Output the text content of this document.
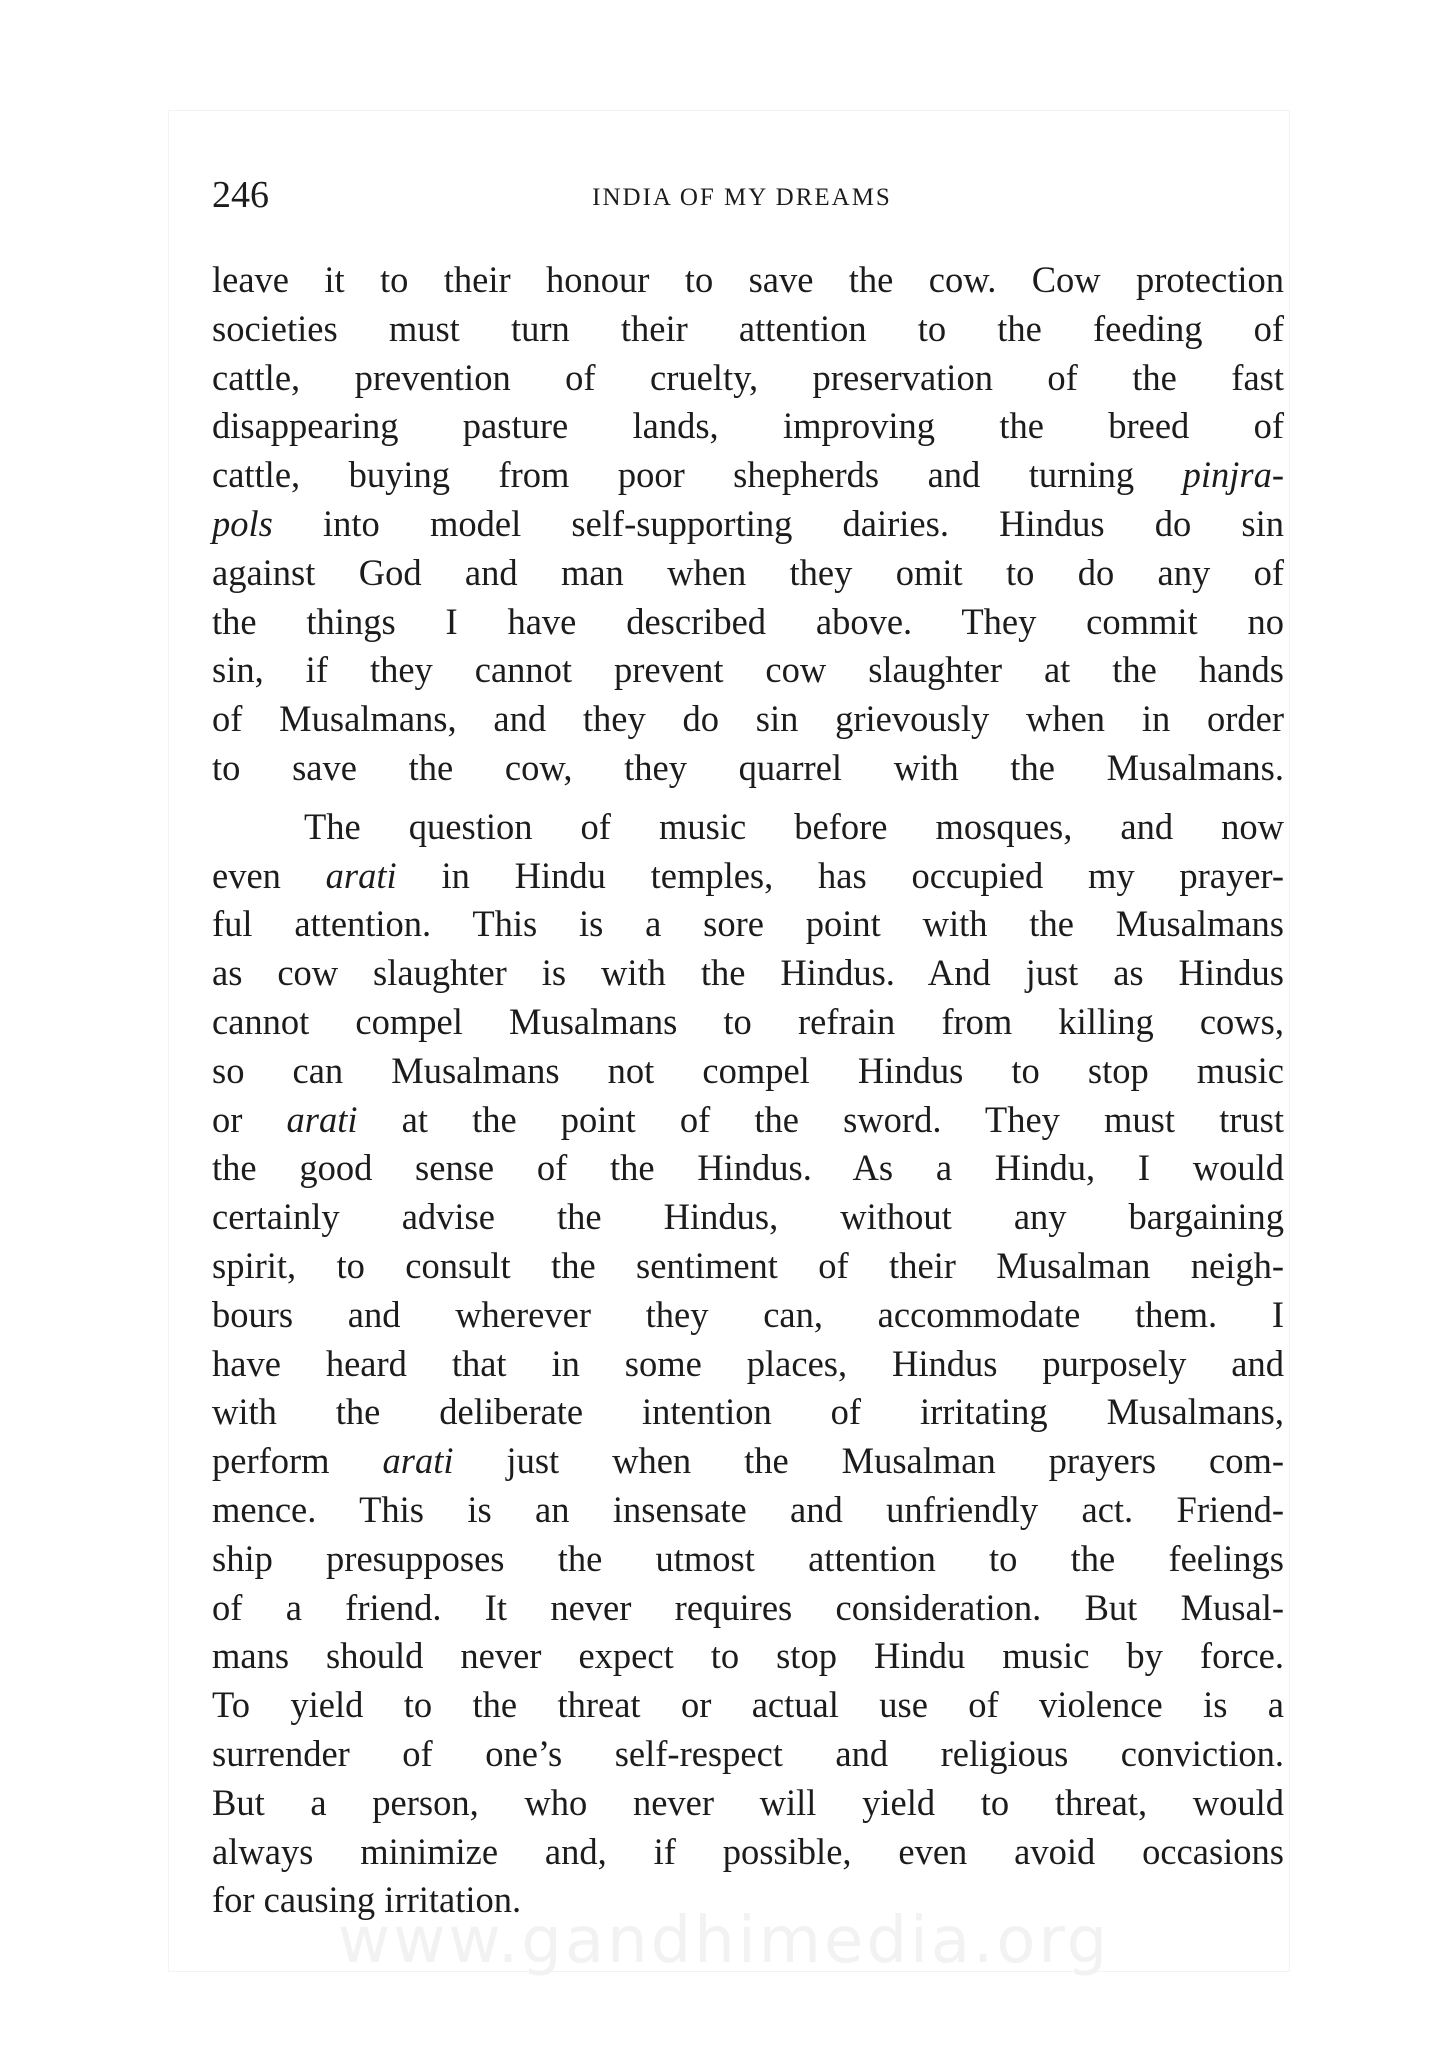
246	INDIA OF MY DREAMS
leave it to their honour to save the cow. Cow protection
societies must turn their attention to the feeding of
cattle, prevention of cruelty, preservation of the fast
disappearing pasture lands, improving the breed of
cattle, buying from poor shepherds and turning pinjra-
pols into model self-supporting dairies. Hindus do sin
against God and man when they omit to do any of
the things I have described above. They commit no
sin, if they cannot prevent cow slaughter at the hands
of Musalmans, and they do sin grievously when in order
to save the cow, they quarrel with the Musalmans.
The question of music before mosques, and now
even arati in Hindu temples, has occupied my prayer-
ful attention. This is a sore point with the Musalmans
as cow slaughter is with the Hindus. And just as Hindus
cannot compel Musalmans to refrain from killing cows,
so can Musalmans not compel Hindus to stop music
or arati at the point of the sword. They must trust
the good sense of the Hindus. As a Hindu, I would
certainly advise the Hindus, without any bargaining
spirit, to consult the sentiment of their Musalman neigh-
bours and wherever they can, accommodate them. I
have heard that in some places, Hindus purposely and
with the deliberate intention of irritating Musalmans,
perform arati just when the Musalman prayers com-
mence. This is an insensate and unfriendly act. Friend-
ship presupposes the utmost attention to the feelings
of a friend. It never requires consideration. But Musal-
mans should never expect to stop Hindu music by force.
To yield to the threat or actual use of violence is a
surrender of one’s self-respect and religious conviction.
But a person, who never will yield to threat, would
always minimize and, if possible, even avoid occasions
for causing irritation.
www.gandhimedia.org
